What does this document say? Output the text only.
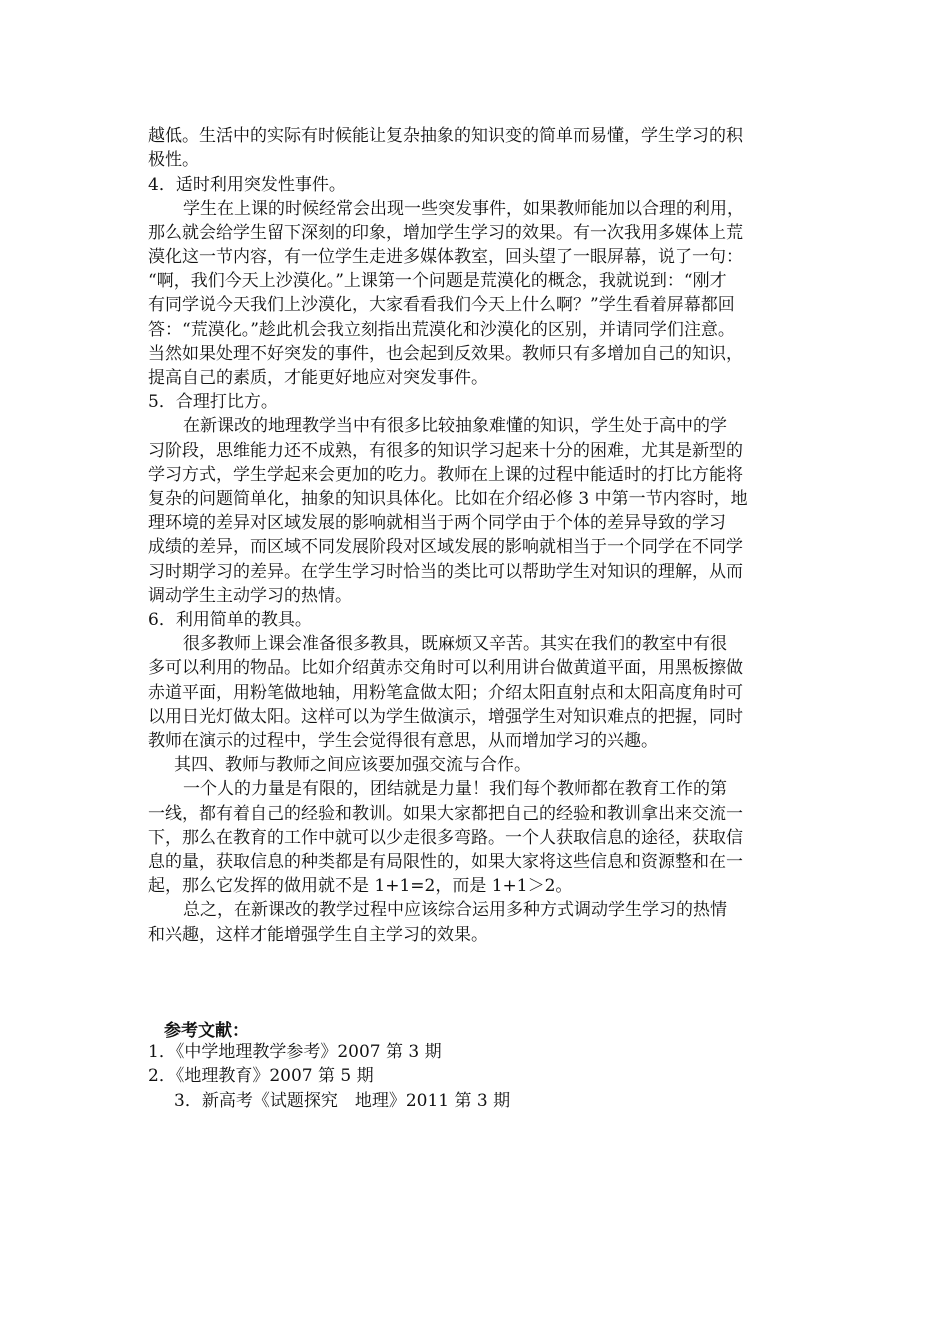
越低。生活中的实际有时候能让复杂抽象的知识变的简单而易懂，学生学习的积
极性。
4．适时利用突发性事件。
学生在上课的时候经常会出现一些突发事件，如果教师能加以合理的利用，
那么就会给学生留下深刻的印象，增加学生学习的效果。有一次我用多媒体上荒
漠化这一节内容，有一位学生走进多媒体教室，回头望了一眼屏幕，说了一句：
“啊，我们今天上沙漠化。”上课第一个问题是荒漠化的概念，我就说到：“刚才
有同学说今天我们上沙漠化，大家看看我们今天上什么啊？”学生看着屏幕都回
答：“荒漠化。”趁此机会我立刻指出荒漠化和沙漠化的区别，并请同学们注意。
当然如果处理不好突发的事件，也会起到反效果。教师只有多增加自己的知识，
提高自己的素质，才能更好地应对突发事件。
5．合理打比方。
在新课改的地理教学当中有很多比较抽象难懂的知识，学生处于高中的学
习阶段，思维能力还不成熟，有很多的知识学习起来十分的困难，尤其是新型的
学习方式，学生学起来会更加的吃力。教师在上课的过程中能适时的打比方能将
复杂的问题简单化，抽象的知识具体化。比如在介绍必修 3 中第一节内容时，地
理环境的差异对区域发展的影响就相当于两个同学由于个体的差异导致的学习
成绩的差异，而区域不同发展阶段对区域发展的影响就相当于一个同学在不同学
习时期学习的差异。在学生学习时恰当的类比可以帮助学生对知识的理解，从而
调动学生主动学习的热情。
6．利用简单的教具。
很多教师上课会准备很多教具，既麻烦又辛苦。其实在我们的教室中有很
多可以利用的物品。比如介绍黄赤交角时可以利用讲台做黄道平面，用黑板擦做
赤道平面，用粉笔做地轴，用粉笔盒做太阳；介绍太阳直射点和太阳高度角时可
以用日光灯做太阳。这样可以为学生做演示，增强学生对知识难点的把握，同时
教师在演示的过程中，学生会觉得很有意思，从而增加学习的兴趣。
其四、教师与教师之间应该要加强交流与合作。
一个人的力量是有限的，团结就是力量！我们每个教师都在教育工作的第
一线，都有着自己的经验和教训。如果大家都把自己的经验和教训拿出来交流一
下，那么在教育的工作中就可以少走很多弯路。一个人获取信息的途径，获取信
息的量，获取信息的种类都是有局限性的，如果大家将这些信息和资源整和在一
起，那么它发挥的做用就不是 1+1=2，而是 1+1＞2。
总之，在新课改的教学过程中应该综合运用多种方式调动学生学习的热情
和兴趣，这样才能增强学生自主学习的效果。
参考文献：
1．《中学地理教学参考》2007 第 3 期
2．《地理教育》2007 第 5 期
3．新高考《试题探究　地理》2011 第 3 期
